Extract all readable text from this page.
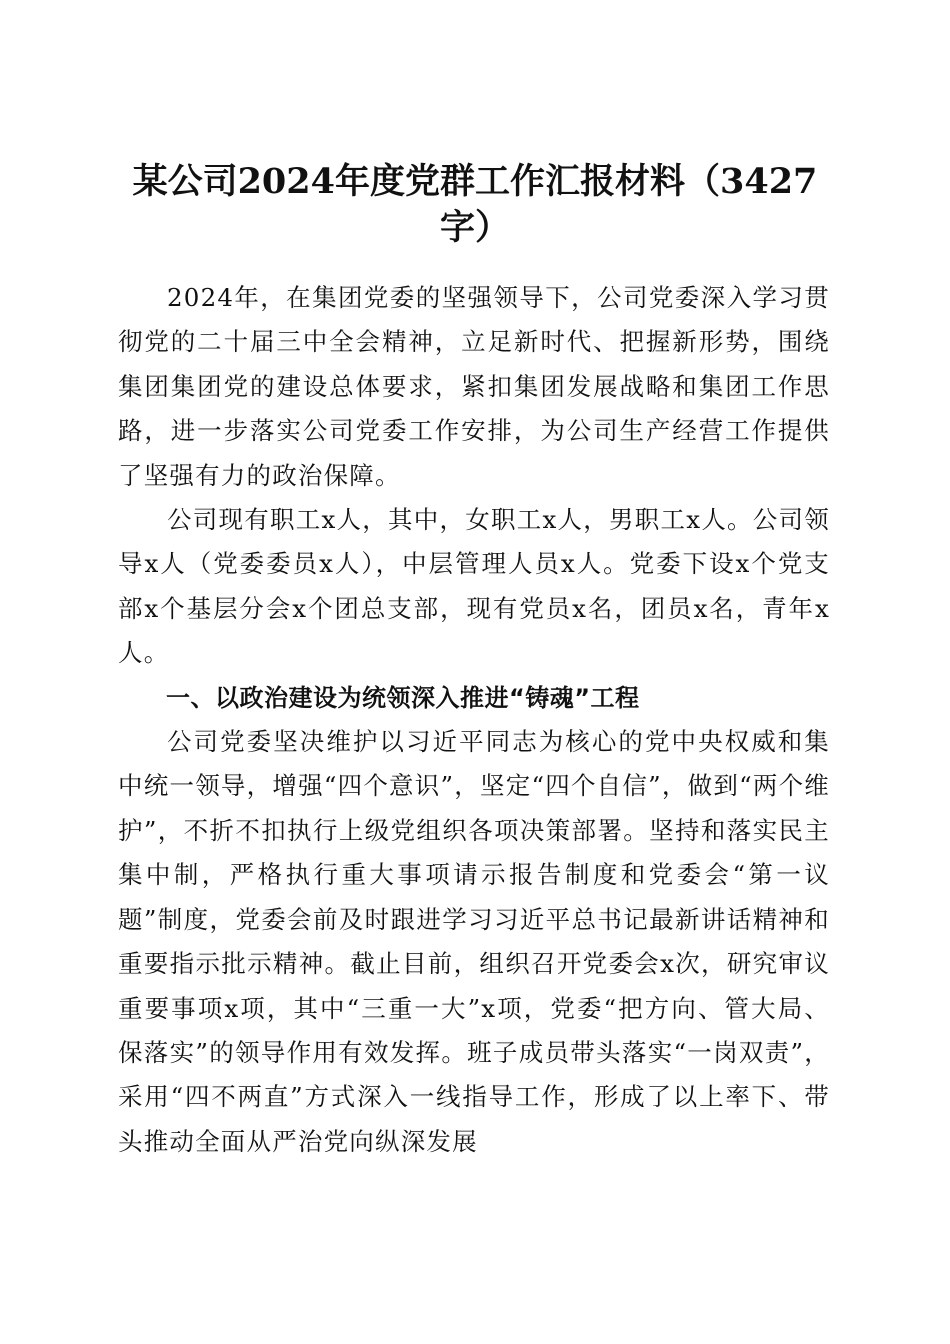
某公司2024年度党群工作汇报材料（3427字）

2024年，在集团党委的坚强领导下，公司党委深入学习贯彻党的二十届三中全会精神，立足新时代、把握新形势，围绕集团集团党的建设总体要求，紧扣集团发展战略和集团工作思路，进一步落实公司党委工作安排，为公司生产经营工作提供了坚强有力的政治保障。

公司现有职工x人，其中，女职工x人，男职工x人。公司领导x人（党委委员x人），中层管理人员x人。党委下设x个党支部x个基层分会x个团总支部，现有党员x名，团员x名，青年x人。

一、以政治建设为统领深入推进“铸魂”工程

公司党委坚决维护以习近平同志为核心的党中央权威和集中统一领导，增强“四个意识”，坚定“四个自信”，做到“两个维护”，不折不扣执行上级党组织各项决策部署。坚持和落实民主集中制，严格执行重大事项请示报告制度和党委会“第一议题”制度，党委会前及时跟进学习习近平总书记最新讲话精神和重要指示批示精神。截止目前，组织召开党委会x次，研究审议重要事项x项，其中“三重一大”x项，党委“把方向、管大局、保落实”的领导作用有效发挥。班子成员带头落实“一岗双责”，采用“四不两直”方式深入一线指导工作，形成了以上率下、带头推动全面从严治党向纵深发展
